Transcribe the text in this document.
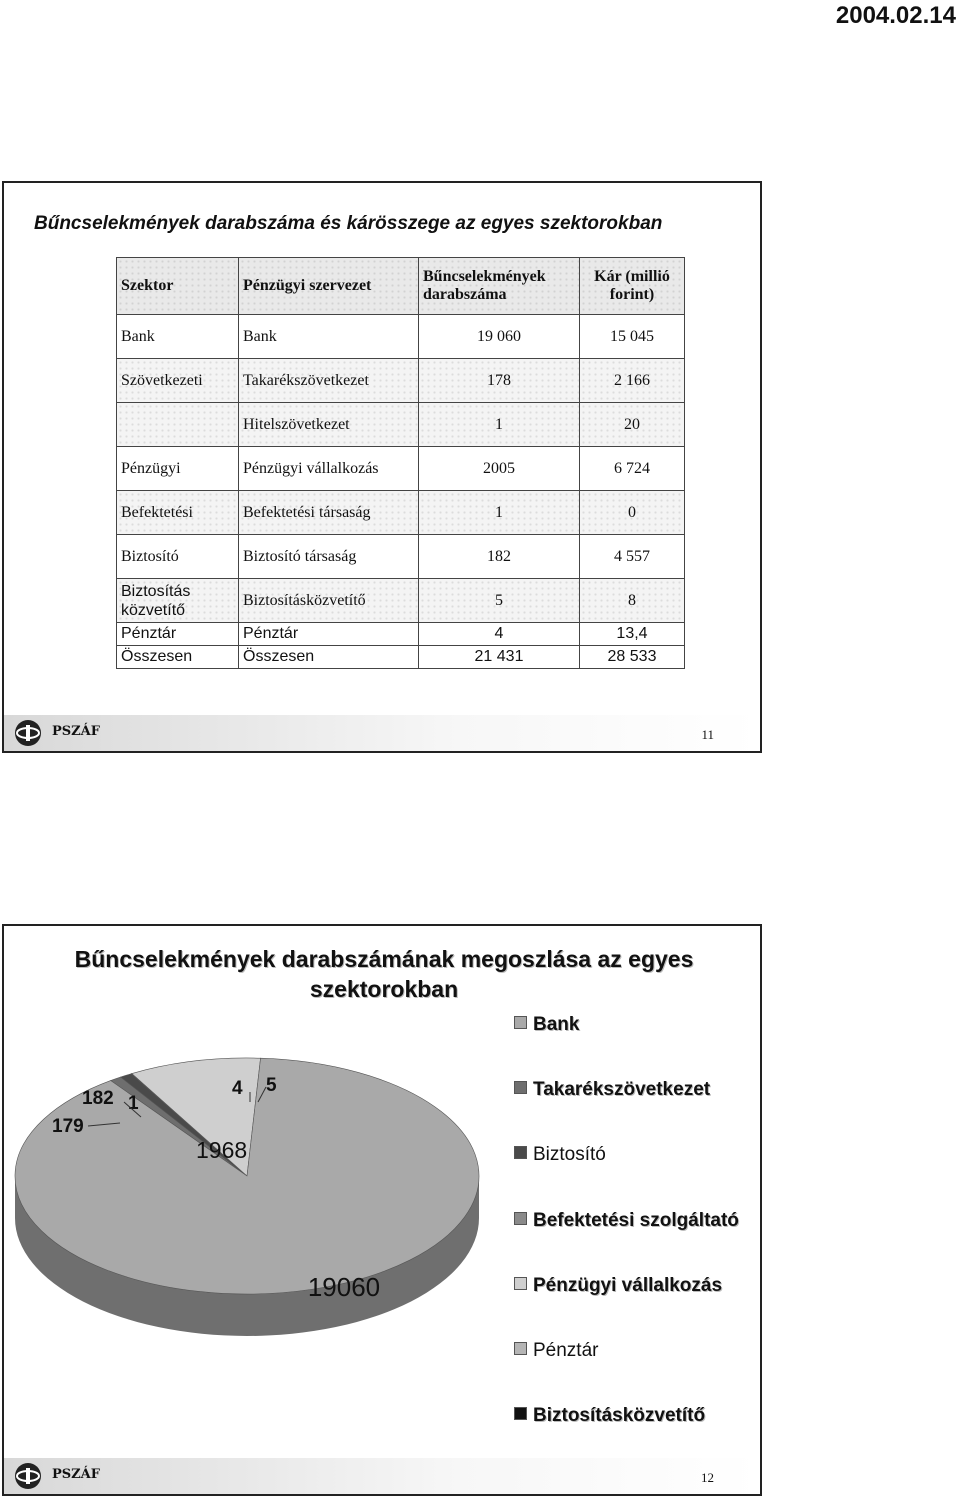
2004.02.14
Bűncselekmények darabszáma és kárösszege az egyes szektorokban
Szektor	Pénzügyi szervezet	Bűncselekmények darabszáma	Kár (millió forint)
Bank	Bank	19 060	15 045
Szövetkezeti	Takarékszövetkezet	178	2 166
	Hitelszövetkezet	1	20
Pénzügyi	Pénzügyi vállalkozás	2005	6 724
Befektetési	Befektetési társaság	1	0
Biztosító	Biztosító társaság	182	4 557
Biztosítás közvetítő	Biztosításközvetítő	5	8
Pénztár	Pénztár	4	13,4
Összesen	Összesen	21 431	28 533
PSZÁF	11
Bűncselekmények darabszámának megoszlása az egyes
szektorokban
19060
179
182 1
1968
4 5
Bank
Takarékszövetkezet
Biztosító
Befektetési szolgáltató
Pénzügyi vállalkozás
Pénztár
Biztosításközvetítő
PSZÁF	12
